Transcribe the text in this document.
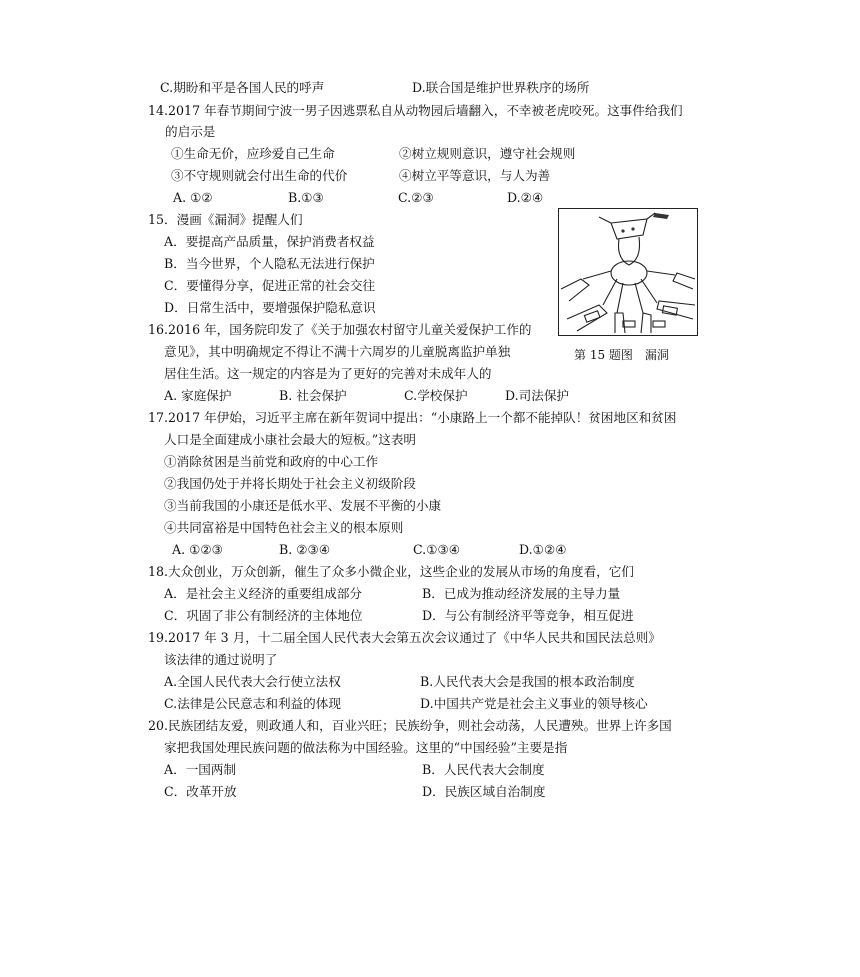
C.期盼和平是各国人民的呼声	D.联合国是维护世界秩序的场所
14.2017 年春节期间宁波一男子因逃票私自从动物园后墙翻入，不幸被老虎咬死。这事件给我们
的启示是
①生命无价，应珍爱自己生命	②树立规则意识，遵守社会规则
③不守规则就会付出生命的代价	④树立平等意识，与人为善
A. ①②	B.①③	C.②③	D.②④
15．漫画《漏洞》提醒人们
A．要提高产品质量，保护消费者权益
B．当今世界，个人隐私无法进行保护
C．要懂得分享，促进正常的社会交往
D．日常生活中，要增强保护隐私意识
第 15 题图　漏洞
16.2016 年，国务院印发了《关于加强农村留守儿童关爱保护工作的
意见》，其中明确规定不得让不满十六周岁的儿童脱离监护单独
居住生活。这一规定的内容是为了更好的完善对未成年人的
A. 家庭保护	B. 社会保护	C.学校保护	D.司法保护
17.2017 年伊始，习近平主席在新年贺词中提出：“小康路上一个都不能掉队！贫困地区和贫困
人口是全面建成小康社会最大的短板。”这表明
①消除贫困是当前党和政府的中心工作
②我国仍处于并将长期处于社会主义初级阶段
③当前我国的小康还是低水平、发展不平衡的小康
④共同富裕是中国特色社会主义的根本原则
A. ①②③	B. ②③④	C.①③④	D.①②④
18.大众创业，万众创新，催生了众多小微企业，这些企业的发展从市场的角度看，它们
A．是社会主义经济的重要组成部分	B．已成为推动经济发展的主导力量
C．巩固了非公有制经济的主体地位	D．与公有制经济平等竞争，相互促进
19.2017 年 3 月，十二届全国人民代表大会第五次会议通过了《中华人民共和国民法总则》
该法律的通过说明了
A.全国人民代表大会行使立法权	B.人民代表大会是我国的根本政治制度
C.法律是公民意志和利益的体现	D.中国共产党是社会主义事业的领导核心
20.民族团结友爱，则政通人和，百业兴旺；民族纷争，则社会动荡，人民遭殃。世界上许多国
家把我国处理民族问题的做法称为中国经验。这里的“中国经验”主要是指
A．一国两制	B．人民代表大会制度
C．改革开放	D．民族区域自治制度
